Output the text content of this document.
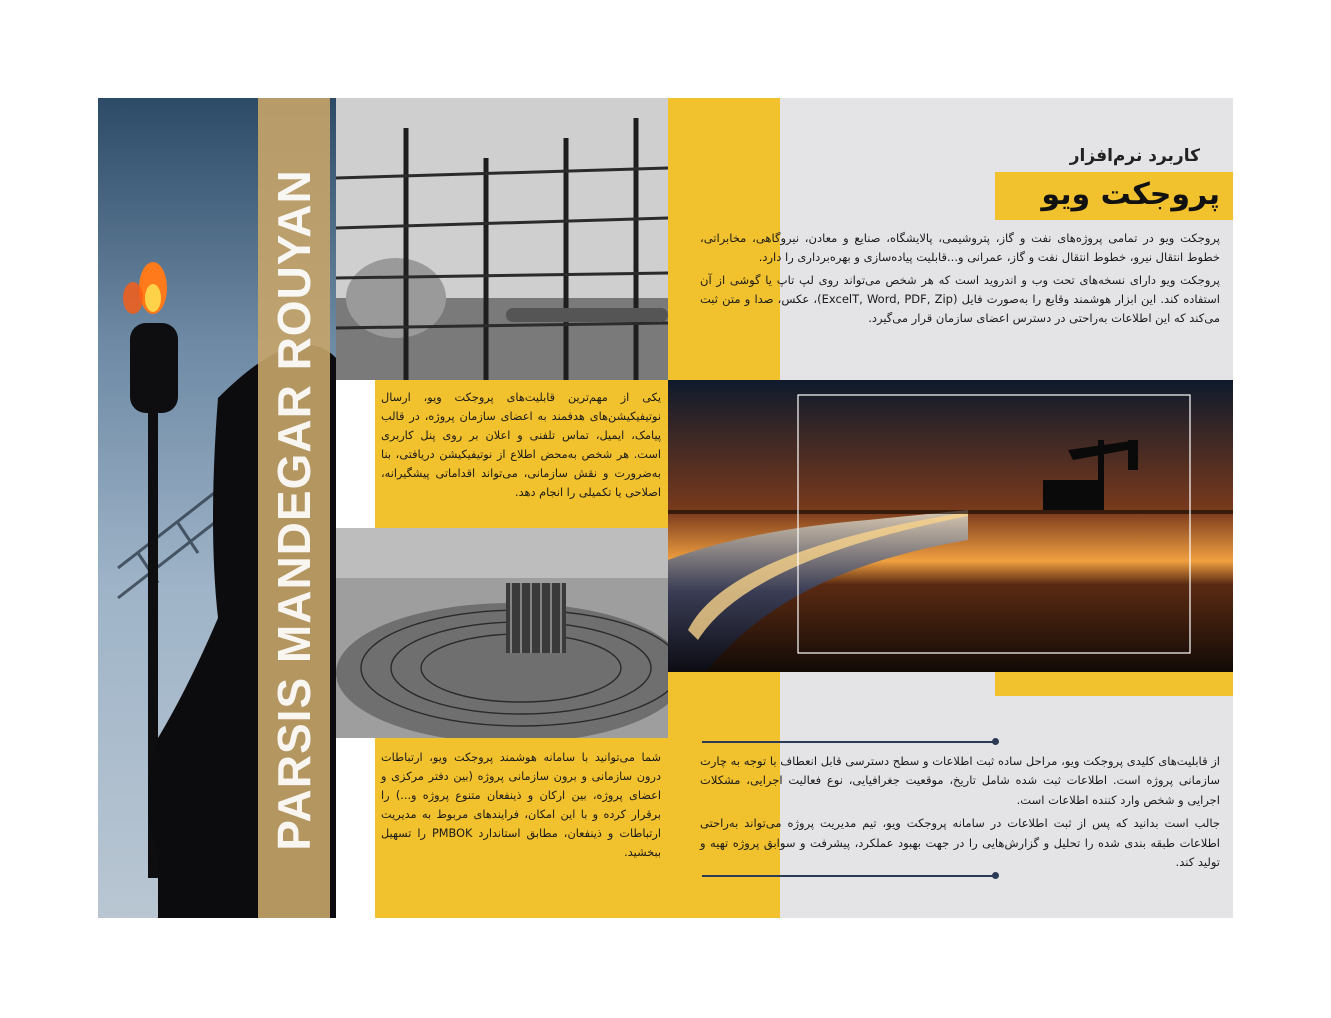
PARSIS MANDEGAR ROUYAN	یکی از مهم‌ترین قابلیت‌های پروجکت ویو، ارسال نوتیفیکیشن‌های هدفمند به اعضای سازمان پروژه، در قالب پیامک، ایمیل، تماس تلفنی و اعلان بر روی پنل کاربری است. هر شخص به‌محض اطلاع از نوتیفیکیشن دریافتی، بنا به‌ضرورت و نقش سازمانی، می‌تواند اقداماتی پیشگیرانه، اصلاحی یا تکمیلی را انجام دهد.
شما می‌توانید با سامانه هوشمند پروجکت ویو، ارتباطات درون سازمانی و برون سازمانی پروژه (بین دفتر مرکزی و اعضای پروژه، بین ارکان و ذینفعان متنوع پروژه و...) را برقرار کرده و با این امکان، فرایندهای مربوط به مدیریت ارتباطات و ذینفعان، مطابق استاندارد PMBOK را تسهیل ببخشید.
کاربرد نرم‌افزار
پروجکت ویو

پروجکت ویو در تمامی پروژه‌های نفت و گاز، پتروشیمی، پالایشگاه، صنایع و معادن، نیروگاهی، مخابراتی، خطوط انتقال نیرو، خطوط انتقال نفت و گاز، عمرانی و...قابلیت پیاده‌سازی و بهره‌برداری را دارد.

پروجکت ویو دارای نسخه‌های تحت وب و اندروید است که هر شخص می‌تواند روی لپ تاپ یا گوشی از آن استفاده کند. این ابزار هوشمند وقایع را به‌صورت فایل (ExcelT, Word, PDF, Zip)، عکس، صدا و متن ثبت می‌کند که این اطلاعات به‌راحتی در دسترس اعضای سازمان قرار می‌گیرد.

از قابلیت‌های کلیدی پروجکت ویو، مراحل ساده ثبت اطلاعات و سطح دسترسی قابل انعطاف با توجه به چارت سازمانی پروژه است. اطلاعات ثبت شده شامل تاریخ، موقعیت جغرافیایی، نوع فعالیت اجرایی، مشکلات اجرایی و شخص وارد کننده اطلاعات است.

جالب است بدانید که پس از ثبت اطلاعات در سامانه پروجکت ویو، تیم مدیریت پروژه می‌تواند به‌راحتی اطلاعات طبقه بندی شده را تحلیل و گزارش‌هایی را در جهت بهبود عملکرد، پیشرفت و سوابق پروژه تهیه و تولید کند.
